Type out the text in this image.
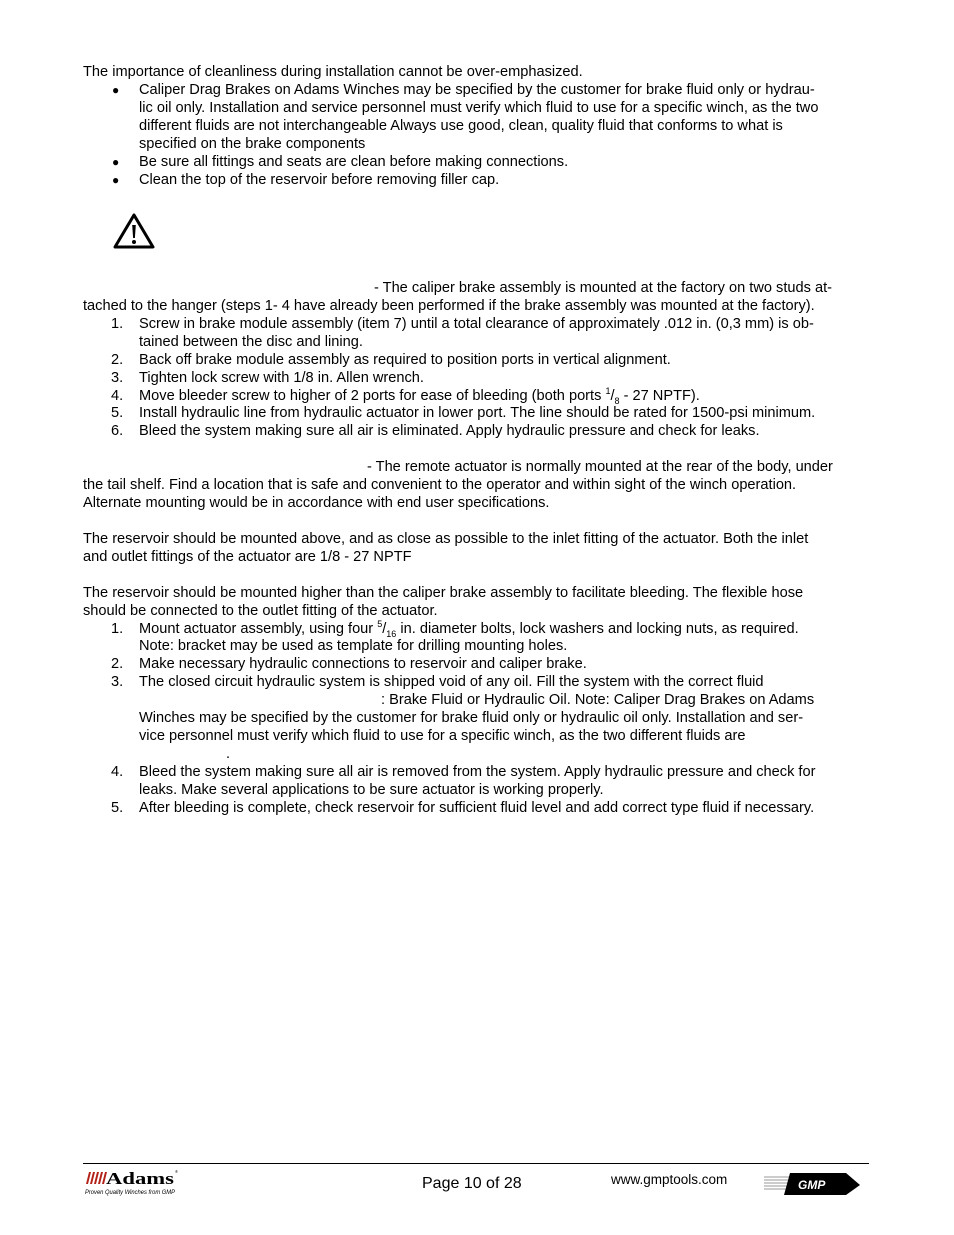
The importance of cleanliness during installation cannot be over-emphasized.
● Caliper Drag Brakes on Adams Winches may be specified by the customer for brake fluid only or hydrau-
lic oil only. Installation and service personnel must verify which fluid to use for a specific winch, as the two
different fluids are not interchangeable Always use good, clean, quality fluid that conforms to what is
specified on the brake components
● Be sure all fittings and seats are clean before making connections.
● Clean the top of the reservoir before removing filler cap.
- The caliper brake assembly is mounted at the factory on two studs at-
tached to the hanger (steps 1- 4 have already been performed if the brake assembly was mounted at the factory).
1. Screw in brake module assembly (item 7) until a total clearance of approximately .012 in. (0,3 mm) is ob-
tained between the disc and lining.
2. Back off brake module assembly as required to position ports in vertical alignment.
3. Tighten lock screw with 1/8 in. Allen wrench.
4. Move bleeder screw to higher of 2 ports for ease of bleeding (both ports $^1/_8 - 27$ NPTF).
5. Install hydraulic line from hydraulic actuator in lower port. The line should be rated for 1500-psi minimum.
6. Bleed the system making sure all air is eliminated. Apply hydraulic pressure and check for leaks.
- The remote actuator is normally mounted at the rear of the body, under
the tail shelf. Find a location that is safe and convenient to the operator and within sight of the winch operation.
Alternate mounting would be in accordance with end user specifications.
The reservoir should be mounted above, and as close as possible to the inlet fitting of the actuator. Both the inlet
and outlet fittings of the actuator are 1/8 - 27 NPTF
The reservoir should be mounted higher than the caliper brake assembly to facilitate bleeding. The flexible hose
should be connected to the outlet fitting of the actuator.
1. Mount actuator assembly, using four $^5/_{16}$ in. diameter bolts, lock washers and locking nuts, as required.
Note: bracket may be used as template for drilling mounting holes.
2. Make necessary hydraulic connections to reservoir and caliper brake.
3. The closed circuit hydraulic system is shipped void of any oil. Fill the system with the correct fluid
: Brake Fluid or Hydraulic Oil. Note: Caliper Drag Brakes on Adams
Winches may be specified by the customer for brake fluid only or hydraulic oil only. Installation and ser-
vice personnel must verify which fluid to use for a specific winch, as the two different fluids are
.
4. Bleed the system making sure all air is removed from the system. Apply hydraulic pressure and check for
leaks. Make several applications to be sure actuator is working properly.
5. After bleeding is complete, check reservoir for sufficient fluid level and add correct type fluid if necessary.
Adams ®
Proven Quality Winches from GMP
Page 10 of 28	www.gmptools.com	GMP
®
